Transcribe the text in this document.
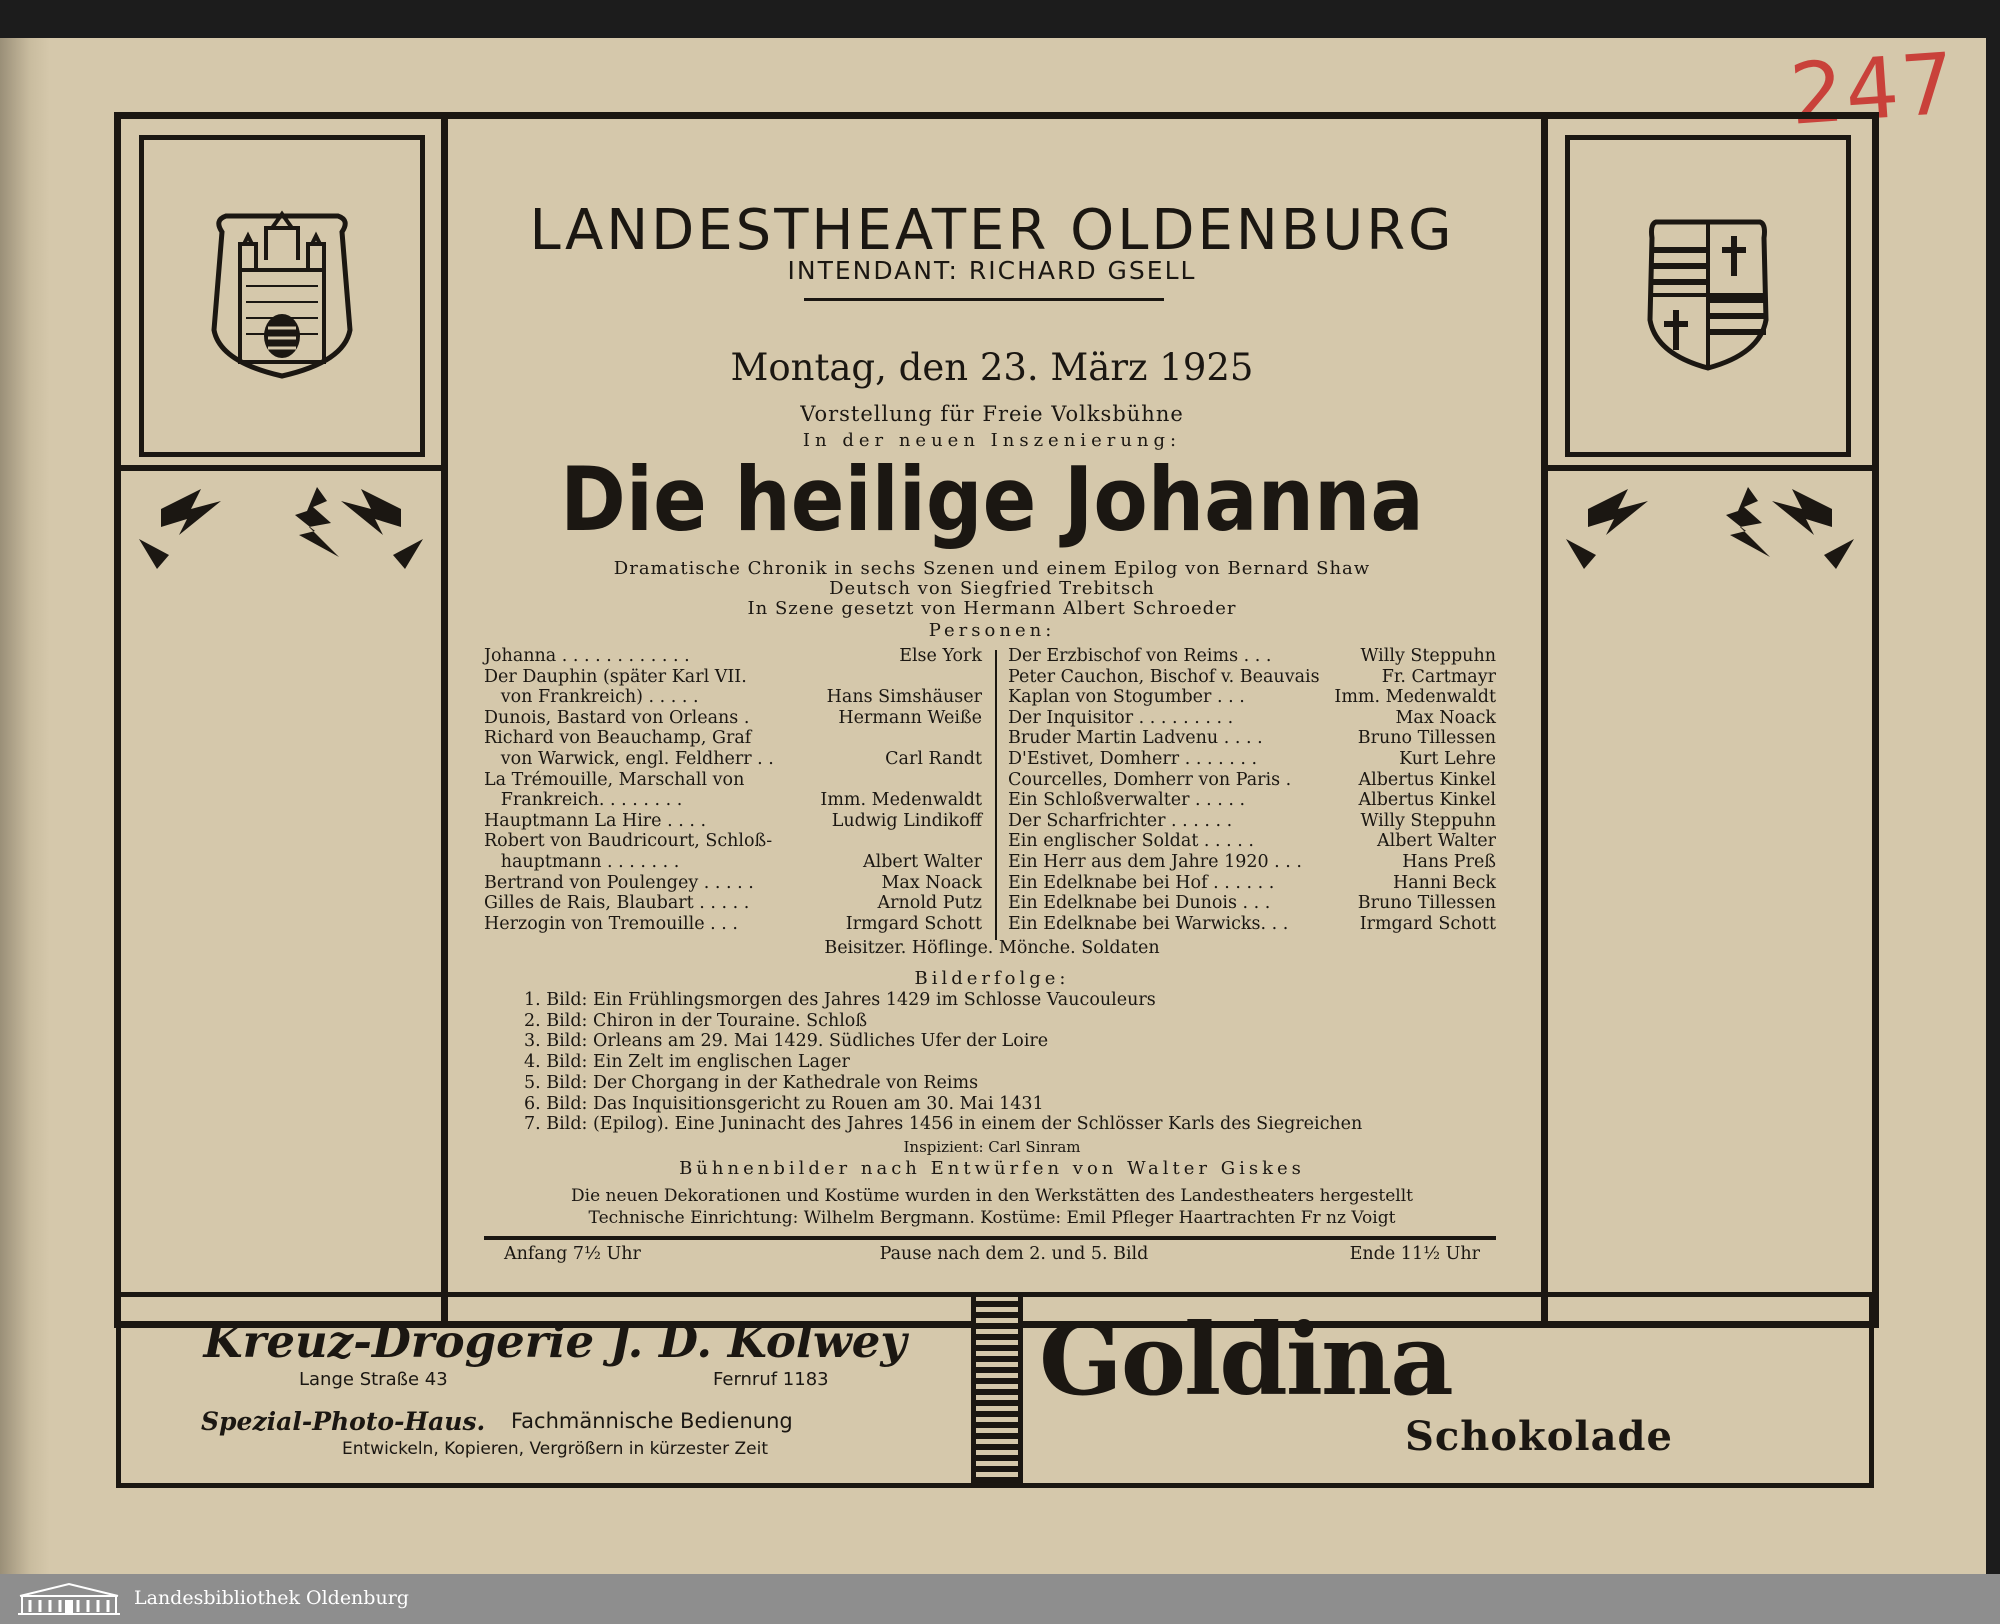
247
LANDESTHEATER OLDENBURG
INTENDANT: RICHARD GSELL
Montag, den 23. März 1925
Vorstellung für Freie Volksbühne
In der neuen Inszenierung:
Die heilige Johanna
Dramatische Chronik in sechs Szenen und einem Epilog von Bernard Shaw
Deutsch von Siegfried Trebitsch
In Szene gesetzt von Hermann Albert Schroeder
Personen:
Johanna . . . . . . . . . . . .	Else York
Der Dauphin (später Karl VII.
von Frankreich) . . . . .	Hans Simshäuser
Dunois, Bastard von Orleans .	Hermann Weiße
Richard von Beauchamp, Graf
von Warwick, engl. Feldherr . .	Carl Randt
La Trémouille, Marschall von
Frankreich. . . . . . . .	Imm. Medenwaldt
Hauptmann La Hire . . . .	Ludwig Lindikoff
Robert von Baudricourt, Schloß-
hauptmann . . . . . . .	Albert Walter
Bertrand von Poulengey . . . . .	Max Noack
Gilles de Rais, Blaubart . . . . .	Arnold Putz
Herzogin von Tremouille . . .	Irmgard Schott
Der Erzbischof von Reims . . .	Willy Steppuhn
Peter Cauchon, Bischof v. Beauvais	Fr. Cartmayr
Kaplan von Stogumber . . .	Imm. Medenwaldt
Der Inquisitor . . . . . . . . .	Max Noack
Bruder Martin Ladvenu . . . .	Bruno Tillessen
D'Estivet, Domherr . . . . . . .	Kurt Lehre
Courcelles, Domherr von Paris .	Albertus Kinkel
Ein Schloßverwalter . . . . .	Albertus Kinkel
Der Scharfrichter . . . . . .	Willy Steppuhn
Ein englischer Soldat . . . . .	Albert Walter
Ein Herr aus dem Jahre 1920 . . .	Hans Preß
Ein Edelknabe bei Hof . . . . . .	Hanni Beck
Ein Edelknabe bei Dunois . . .	Bruno Tillessen
Ein Edelknabe bei Warwicks. . .	Irmgard Schott
Beisitzer. Höflinge. Mönche. Soldaten
Bilderfolge:
1. Bild: Ein Frühlingsmorgen des Jahres 1429 im Schlosse Vaucouleurs
2. Bild: Chiron in der Touraine. Schloß
3. Bild: Orleans am 29. Mai 1429. Südliches Ufer der Loire
4. Bild: Ein Zelt im englischen Lager
5. Bild: Der Chorgang in der Kathedrale von Reims
6. Bild: Das Inquisitionsgericht zu Rouen am 30. Mai 1431
7. Bild: (Epilog). Eine Juninacht des Jahres 1456 in einem der Schlösser Karls des Siegreichen
Inspizient: Carl Sinram
Bühnenbilder nach Entwürfen von Walter Giskes
Die neuen Dekorationen und Kostüme wurden in den Werkstätten des Landestheaters hergestellt
Technische Einrichtung: Wilhelm Bergmann. Kostüme: Emil Pfleger Haartrachten Fr nz Voigt
Anfang 7½ Uhr	Pause nach dem 2. und 5. Bild	Ende 11½ Uhr
Kreuz-Drogerie J. D. Kolwey
Lange Straße 43	Fernruf 1183
Spezial-Photo-Haus. Fachmännische Bedienung
Entwickeln, Kopieren, Vergrößern in kürzester Zeit
Goldina
Schokolade
Landesbibliothek Oldenburg
